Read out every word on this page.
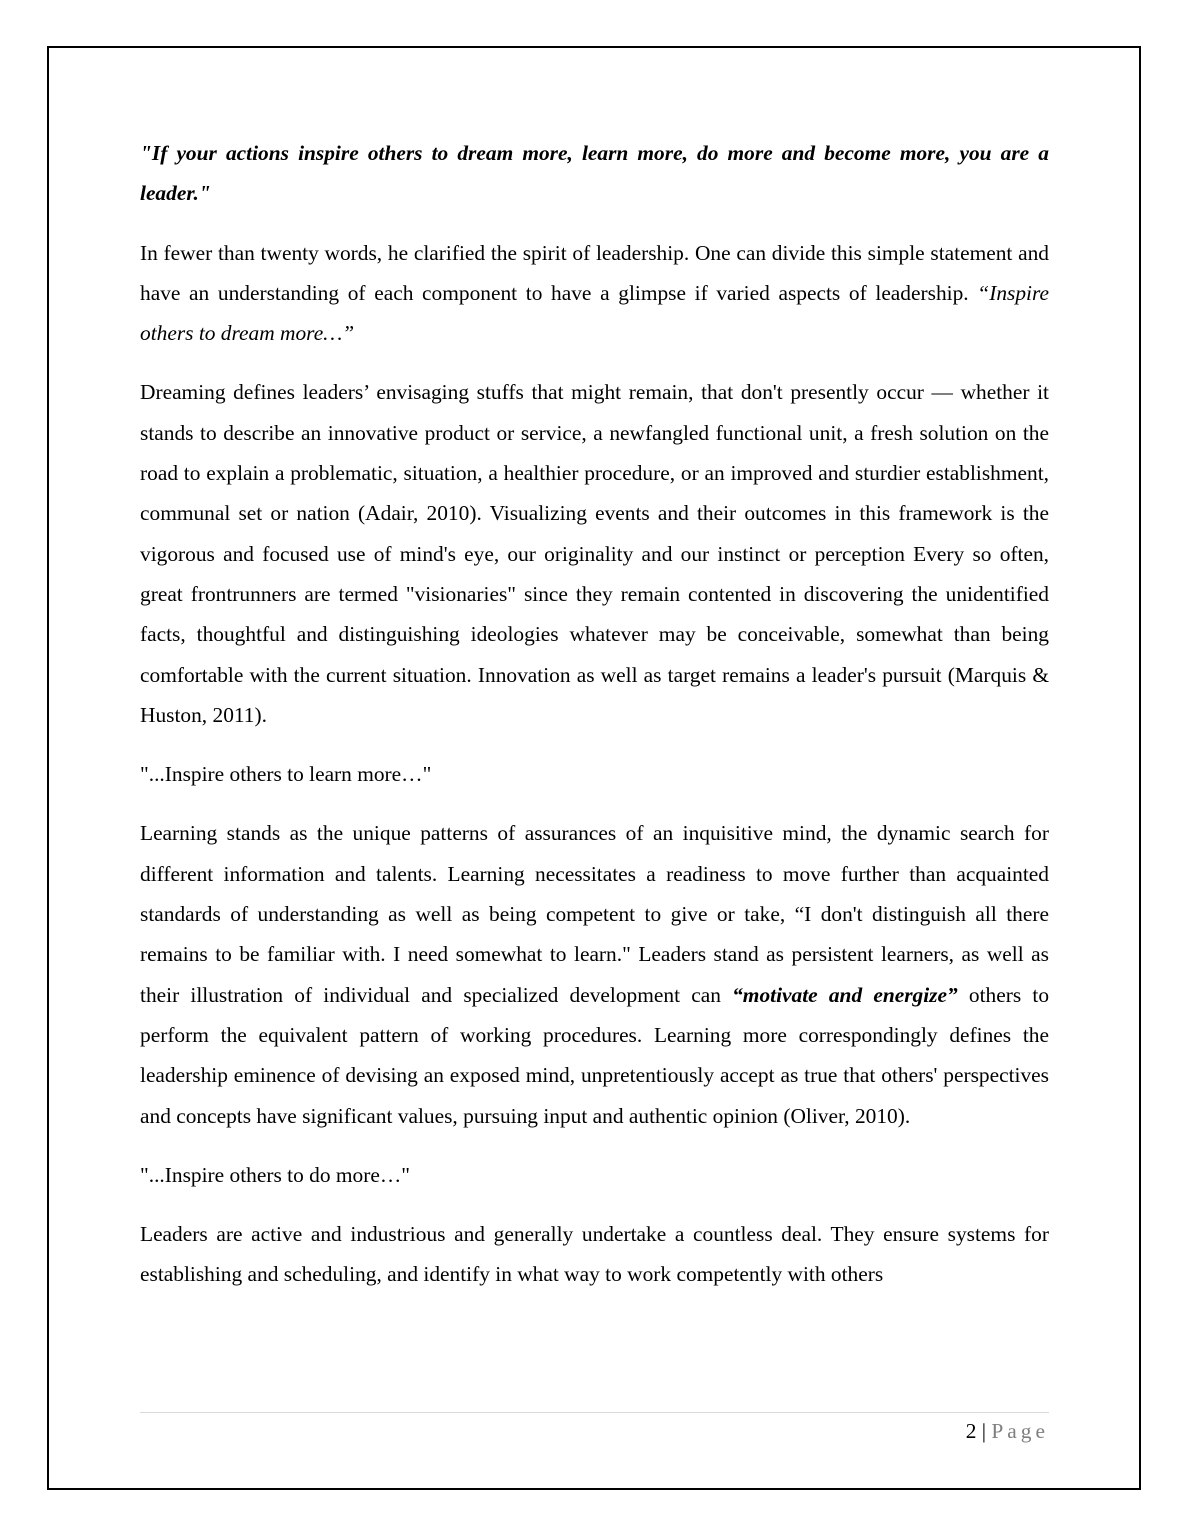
"If your actions inspire others to dream more, learn more, do more and become more, you are a leader."

In fewer than twenty words, he clarified the spirit of leadership. One can divide this simple statement and have an understanding of each component to have a glimpse if varied aspects of leadership. “Inspire others to dream more…”

Dreaming defines leaders’ envisaging stuffs that might remain, that don't presently occur — whether it stands to describe an innovative product or service, a newfangled functional unit, a fresh solution on the road to explain a problematic, situation, a healthier procedure, or an improved and sturdier establishment, communal set or nation (Adair, 2010). Visualizing events and their outcomes in this framework is the vigorous and focused use of mind's eye, our originality and our instinct or perception Every so often, great frontrunners are termed "visionaries" since they remain contented in discovering the unidentified facts, thoughtful and distinguishing ideologies whatever may be conceivable, somewhat than being comfortable with the current situation. Innovation as well as target remains a leader's pursuit (Marquis & Huston, 2011).

"...Inspire others to learn more…"

Learning stands as the unique patterns of assurances of an inquisitive mind, the dynamic search for different information and talents. Learning necessitates a readiness to move further than acquainted standards of understanding as well as being competent to give or take, “I don't distinguish all there remains to be familiar with. I need somewhat to learn." Leaders stand as persistent learners, as well as their illustration of individual and specialized development can “motivate and energize” others to perform the equivalent pattern of working procedures. Learning more correspondingly defines the leadership eminence of devising an exposed mind, unpretentiously accept as true that others' perspectives and concepts have significant values, pursuing input and authentic opinion (Oliver, 2010).

"...Inspire others to do more…"

Leaders are active and industrious and generally undertake a countless deal. They ensure systems for establishing and scheduling, and identify in what way to work competently with others

2 | Page
